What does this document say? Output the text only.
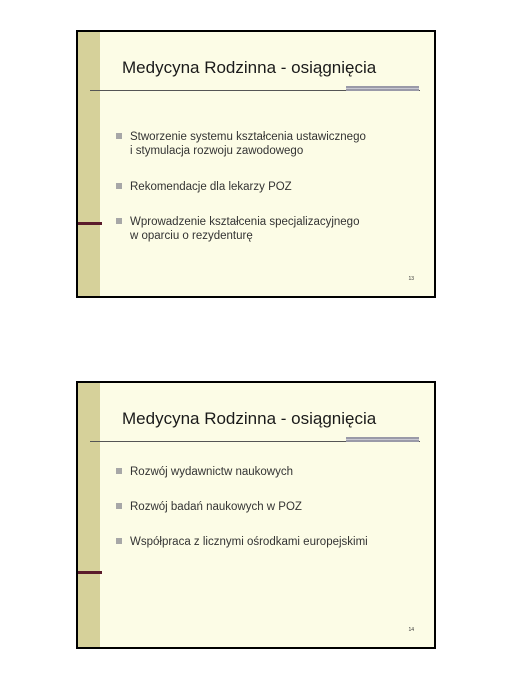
Medycyna Rodzinna - osiągnięcia
Stworzenie systemu kształcenia ustawicznego
i stymulacja rozwoju zawodowego
Rekomendacje dla lekarzy POZ
Wprowadzenie kształcenia specjalizacyjnego
w oparciu o rezydenturę
13
Medycyna Rodzinna - osiągnięcia
Rozwój wydawnictw naukowych
Rozwój badań naukowych w POZ
Współpraca z licznymi ośrodkami europejskimi
14
